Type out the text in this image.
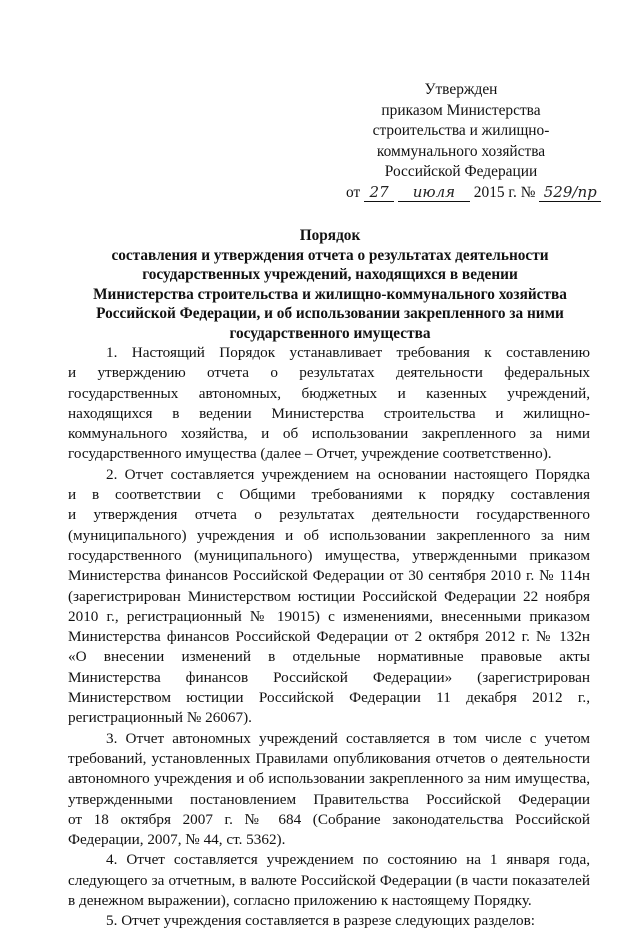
Утвержден
приказом Министерства
строительства и жилищно-
коммунального хозяйства
Российской Федерации
от 27 июля 2015 г. № 529/пр
Порядок
составления и утверждения отчета о результатах деятельности
государственных учреждений, находящихся в ведении
Министерства строительства и жилищно-коммунального хозяйства
Российской Федерации, и об использовании закрепленного за ними
государственного имущества
1. Настоящий Порядок устанавливает требования к составлению
и утверждению отчета о результатах деятельности федеральных
государственных автономных, бюджетных и казенных учреждений,
находящихся в ведении Министерства строительства и жилищно-
коммунального хозяйства, и об использовании закрепленного за ними
государственного имущества (далее – Отчет, учреждение соответственно).
2. Отчет составляется учреждением на основании настоящего Порядка
и в соответствии с Общими требованиями к порядку составления
и утверждения отчета о результатах деятельности государственного
(муниципального) учреждения и об использовании закрепленного за ним
государственного (муниципального) имущества, утвержденными приказом
Министерства финансов Российской Федерации от 30 сентября 2010 г. № 114н
(зарегистрирован Министерством юстиции Российской Федерации 22 ноября
2010 г., регистрационный № 19015) с изменениями, внесенными приказом
Министерства финансов Российской Федерации от 2 октября 2012 г. № 132н
«О внесении изменений в отдельные нормативные правовые акты
Министерства финансов Российской Федерации» (зарегистрирован
Министерством юстиции Российской Федерации 11 декабря 2012 г.,
регистрационный № 26067).
3. Отчет автономных учреждений составляется в том числе с учетом
требований, установленных Правилами опубликования отчетов о деятельности
автономного учреждения и об использовании закрепленного за ним имущества,
утвержденными постановлением Правительства Российской Федерации
от 18 октября 2007 г. № 684 (Собрание законодательства Российской
Федерации, 2007, № 44, ст. 5362).
4. Отчет составляется учреждением по состоянию на 1 января года,
следующего за отчетным, в валюте Российской Федерации (в части показателей
в денежном выражении), согласно приложению к настоящему Порядку.
5. Отчет учреждения составляется в разрезе следующих разделов:
